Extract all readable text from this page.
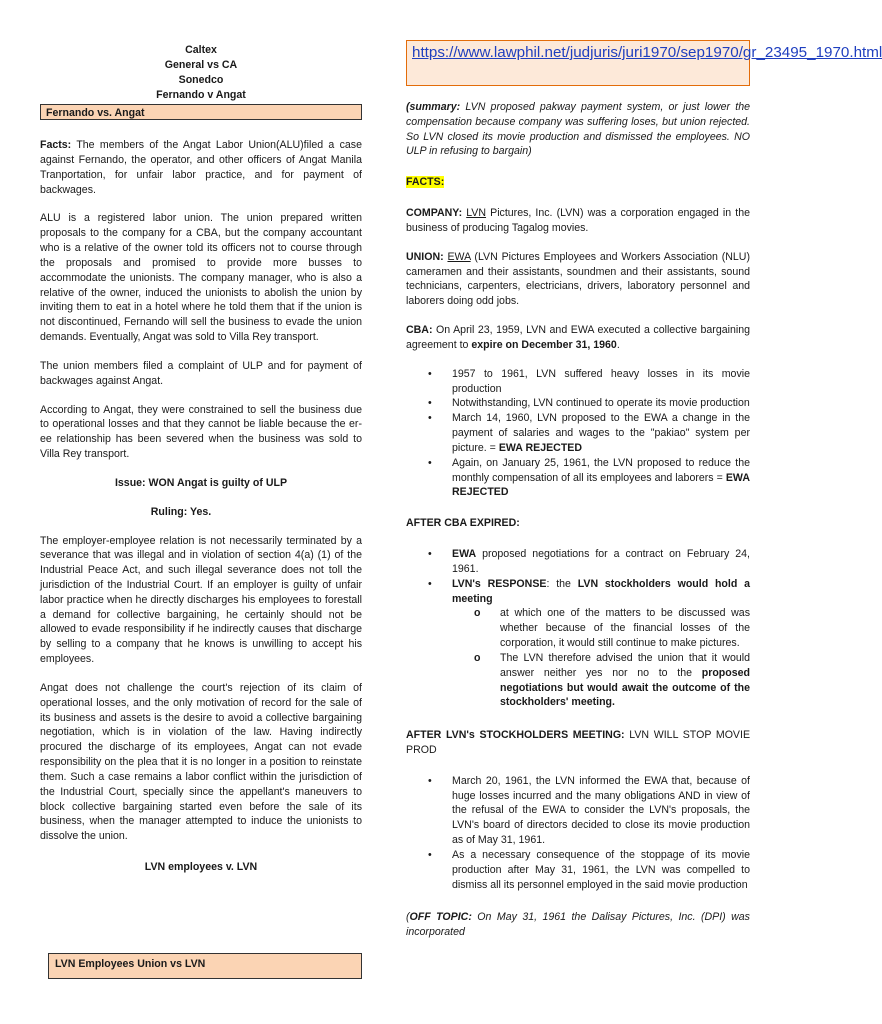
Caltex
General vs CA
Sonedco
Fernando v Angat
Fernando vs. Angat

Facts: The members of the Angat Labor Union(ALU)filed a case against Fernando, the operator, and other officers of Angat Manila Tranportation, for unfair labor practice, and for payment of backwages.

ALU is a registered labor union. The union prepared written proposals to the company for a CBA, but the company accountant who is a relative of the owner told its officers not to course through the proposals and promised to provide more busses to accommodate the unionists. The company manager, who is also a relative of the owner, induced the unionists to abolish the union by inviting them to eat in a hotel where he told them that if the union is not discontinued, Fernando will sell the business to evade the union demands. Eventually, Angat was sold to Villa Rey transport.

The union members filed a complaint of ULP and for payment of backwages against Angat.

According to Angat, they were constrained to sell the business due to operational losses and that they cannot be liable because the er-ee relationship has been severed when the business was sold to Villa Rey transport.

Issue: WON Angat is guilty of ULP
Ruling: Yes.

The employer-employee relation is not necessarily terminated by a severance that was illegal and in violation of section 4(a) (1) of the Industrial Peace Act, and such illegal severance does not toll the jurisdiction of the Industrial Court. If an employer is guilty of unfair labor practice when he directly discharges his employees to forestall a demand for collective bargaining, he certainly should not be allowed to evade responsibility if he indirectly causes that discharge by selling to a company that he knows is unwilling to accept his employees.

Angat does not challenge the court's rejection of its claim of operational losses, and the only motivation of record for the sale of its business and assets is the desire to avoid a collective bargaining negotiation, which is in violation of the law. Having indirectly procured the discharge of its employees, Angat can not evade responsibility on the plea that it is no longer in a position to reinstate them. Such a case remains a labor conflict within the jurisdiction of the Industrial Court, specially since the appellant's maneuvers to block collective bargaining started even before the sale of its business, when the manager attempted to induce the unionists to dissolve the union.

LVN employees v. LVN
LVN Employees Union vs LVN
https://www.lawphil.net/judjuris/juri1970/sep1970/gr_23495_1970.html
(summary: LVN proposed pakway payment system, or just lower the compensation because company was suffering loses, but union rejected. So LVN closed its movie production and dismissed the employees. NO ULP in refusing to bargain)

FACTS:

COMPANY: LVN Pictures, Inc. (LVN) was a corporation engaged in the business of producing Tagalog movies.

UNION: EWA (LVN Pictures Employees and Workers Association (NLU) cameramen and their assistants, soundmen and their assistants, sound technicians, carpenters, electricians, drivers, laboratory personnel and laborers doing odd jobs.

CBA: On April 23, 1959, LVN and EWA executed a collective bargaining agreement to expire on December 31, 1960.

• 1957 to 1961, LVN suffered heavy losses in its movie production
• Notwithstanding, LVN continued to operate its movie production
• March 14, 1960, LVN proposed to the EWA a change in the payment of salaries and wages to the "pakiao" system per picture. = EWA REJECTED
• Again, on January 25, 1961, the LVN proposed to reduce the monthly compensation of all its employees and laborers = EWA REJECTED

AFTER CBA EXPIRED:

• EWA proposed negotiations for a contract on February 24, 1961.
• LVN's RESPONSE: the LVN stockholders would hold a meeting
o at which one of the matters to be discussed was whether because of the financial losses of the corporation, it would still continue to make pictures.
o The LVN therefore advised the union that it would answer neither yes nor no to the proposed negotiations but would await the outcome of the stockholders' meeting.

AFTER LVN's STOCKHOLDERS MEETING: LVN WILL STOP MOVIE PROD

• March 20, 1961, the LVN informed the EWA that, because of huge losses incurred and the many obligations AND in view of the refusal of the EWA to consider the LVN's proposals, the LVN's board of directors decided to close its movie production as of May 31, 1961.
• As a necessary consequence of the stoppage of its movie production after May 31, 1961, the LVN was compelled to dismiss all its personnel employed in the said movie production

(OFF TOPIC: On May 31, 1961 the Dalisay Pictures, Inc. (DPI) was incorporated
